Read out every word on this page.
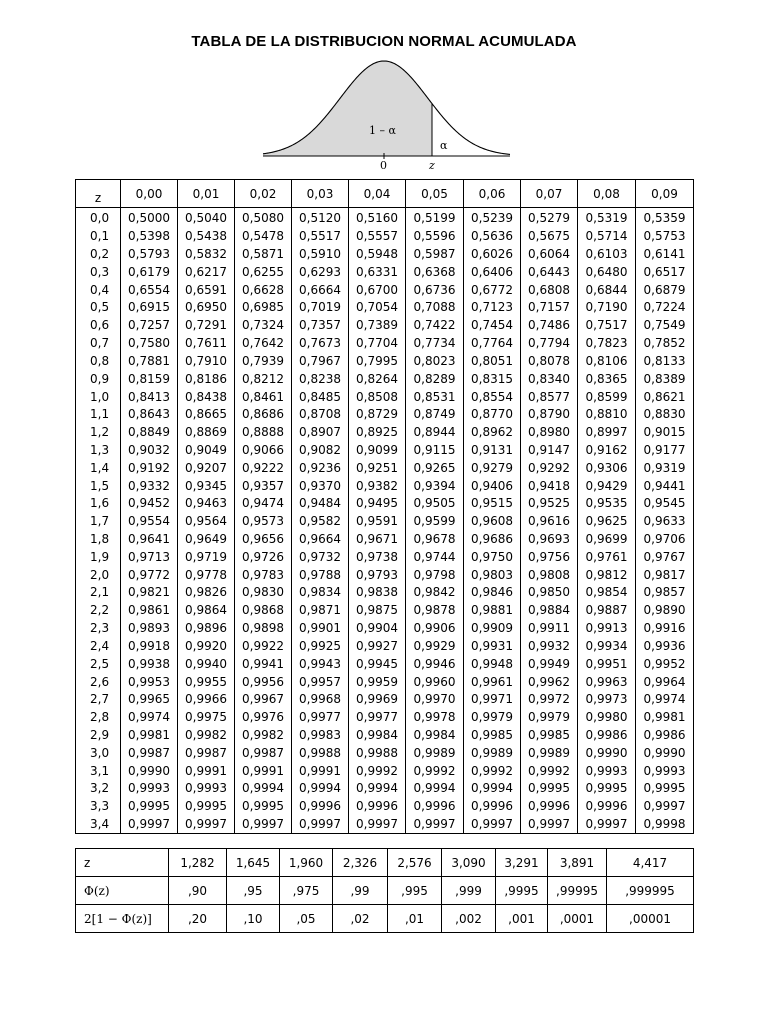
TABLA DE LA DISTRIBUCION NORMAL ACUMULADA
1 – α
α
0	z
z	0,00	0,01	0,02	0,03	0,04	0,05	0,06	0,07	0,08	0,09
0,0	0,5000	0,5040	0,5080	0,5120	0,5160	0,5199	0,5239	0,5279	0,5319	0,5359
0,1	0,5398	0,5438	0,5478	0,5517	0,5557	0,5596	0,5636	0,5675	0,5714	0,5753
0,2	0,5793	0,5832	0,5871	0,5910	0,5948	0,5987	0,6026	0,6064	0,6103	0,6141
0,3	0,6179	0,6217	0,6255	0,6293	0,6331	0,6368	0,6406	0,6443	0,6480	0,6517
0,4	0,6554	0,6591	0,6628	0,6664	0,6700	0,6736	0,6772	0,6808	0,6844	0,6879
0,5	0,6915	0,6950	0,6985	0,7019	0,7054	0,7088	0,7123	0,7157	0,7190	0,7224
0,6	0,7257	0,7291	0,7324	0,7357	0,7389	0,7422	0,7454	0,7486	0,7517	0,7549
0,7	0,7580	0,7611	0,7642	0,7673	0,7704	0,7734	0,7764	0,7794	0,7823	0,7852
0,8	0,7881	0,7910	0,7939	0,7967	0,7995	0,8023	0,8051	0,8078	0,8106	0,8133
0,9	0,8159	0,8186	0,8212	0,8238	0,8264	0,8289	0,8315	0,8340	0,8365	0,8389
1,0	0,8413	0,8438	0,8461	0,8485	0,8508	0,8531	0,8554	0,8577	0,8599	0,8621
1,1	0,8643	0,8665	0,8686	0,8708	0,8729	0,8749	0,8770	0,8790	0,8810	0,8830
1,2	0,8849	0,8869	0,8888	0,8907	0,8925	0,8944	0,8962	0,8980	0,8997	0,9015
1,3	0,9032	0,9049	0,9066	0,9082	0,9099	0,9115	0,9131	0,9147	0,9162	0,9177
1,4	0,9192	0,9207	0,9222	0,9236	0,9251	0,9265	0,9279	0,9292	0,9306	0,9319
1,5	0,9332	0,9345	0,9357	0,9370	0,9382	0,9394	0,9406	0,9418	0,9429	0,9441
1,6	0,9452	0,9463	0,9474	0,9484	0,9495	0,9505	0,9515	0,9525	0,9535	0,9545
1,7	0,9554	0,9564	0,9573	0,9582	0,9591	0,9599	0,9608	0,9616	0,9625	0,9633
1,8	0,9641	0,9649	0,9656	0,9664	0,9671	0,9678	0,9686	0,9693	0,9699	0,9706
1,9	0,9713	0,9719	0,9726	0,9732	0,9738	0,9744	0,9750	0,9756	0,9761	0,9767
2,0	0,9772	0,9778	0,9783	0,9788	0,9793	0,9798	0,9803	0,9808	0,9812	0,9817
2,1	0,9821	0,9826	0,9830	0,9834	0,9838	0,9842	0,9846	0,9850	0,9854	0,9857
2,2	0,9861	0,9864	0,9868	0,9871	0,9875	0,9878	0,9881	0,9884	0,9887	0,9890
2,3	0,9893	0,9896	0,9898	0,9901	0,9904	0,9906	0,9909	0,9911	0,9913	0,9916
2,4	0,9918	0,9920	0,9922	0,9925	0,9927	0,9929	0,9931	0,9932	0,9934	0,9936
2,5	0,9938	0,9940	0,9941	0,9943	0,9945	0,9946	0,9948	0,9949	0,9951	0,9952
2,6	0,9953	0,9955	0,9956	0,9957	0,9959	0,9960	0,9961	0,9962	0,9963	0,9964
2,7	0,9965	0,9966	0,9967	0,9968	0,9969	0,9970	0,9971	0,9972	0,9973	0,9974
2,8	0,9974	0,9975	0,9976	0,9977	0,9977	0,9978	0,9979	0,9979	0,9980	0,9981
2,9	0,9981	0,9982	0,9982	0,9983	0,9984	0,9984	0,9985	0,9985	0,9986	0,9986
3,0	0,9987	0,9987	0,9987	0,9988	0,9988	0,9989	0,9989	0,9989	0,9990	0,9990
3,1	0,9990	0,9991	0,9991	0,9991	0,9992	0,9992	0,9992	0,9992	0,9993	0,9993
3,2	0,9993	0,9993	0,9994	0,9994	0,9994	0,9994	0,9994	0,9995	0,9995	0,9995
3,3	0,9995	0,9995	0,9995	0,9996	0,9996	0,9996	0,9996	0,9996	0,9996	0,9997
3,4	0,9997	0,9997	0,9997	0,9997	0,9997	0,9997	0,9997	0,9997	0,9997	0,9998
z	1,282	1,645	1,960	2,326	2,576	3,090	3,291	3,891	4,417
Φ(z)	,90	,95	,975	,99	,995	,999	,9995	,99995	,999995
2[1 − Φ(z)]	,20	,10	,05	,02	,01	,002	,001	,0001	,00001
